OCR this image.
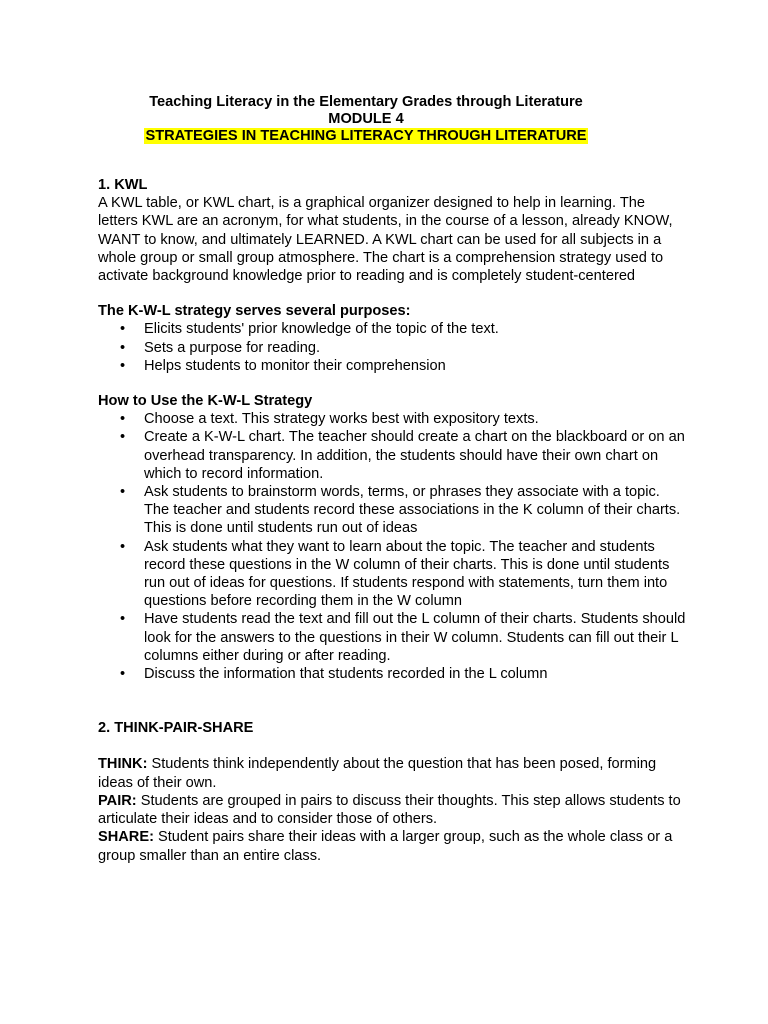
Teaching Literacy in the Elementary Grades through Literature
MODULE 4
STRATEGIES IN TEACHING LITERACY THROUGH LITERATURE

1. KWL

A KWL table, or KWL chart, is a graphical organizer designed to help in learning. The letters KWL are an acronym, for what students, in the course of a lesson, already KNOW, WANT to know, and ultimately LEARNED. A KWL chart can be used for all subjects in a whole group or small group atmosphere. The chart is a comprehension strategy used to activate background knowledge prior to reading and is completely student-centered

The K-W-L strategy serves several purposes:

• Elicits students' prior knowledge of the topic of the text.
• Sets a purpose for reading.
• Helps students to monitor their comprehension

How to Use the K-W-L Strategy

• Choose a text. This strategy works best with expository texts.
• Create a K-W-L chart. The teacher should create a chart on the blackboard or on an overhead transparency. In addition, the students should have their own chart on which to record information.
• Ask students to brainstorm words, terms, or phrases they associate with a topic. The teacher and students record these associations in the K column of their charts. This is done until students run out of ideas
• Ask students what they want to learn about the topic. The teacher and students record these questions in the W column of their charts. This is done until students run out of ideas for questions. If students respond with statements, turn them into questions before recording them in the W column
• Have students read the text and fill out the L column of their charts. Students should look for the answers to the questions in their W column. Students can fill out their L columns either during or after reading.
• Discuss the information that students recorded in the L column

2. THINK-PAIR-SHARE

THINK: Students think independently about the question that has been posed, forming ideas of their own.

PAIR: Students are grouped in pairs to discuss their thoughts. This step allows students to articulate their ideas and to consider those of others.

SHARE: Student pairs share their ideas with a larger group, such as the whole class or a group smaller than an entire class.
